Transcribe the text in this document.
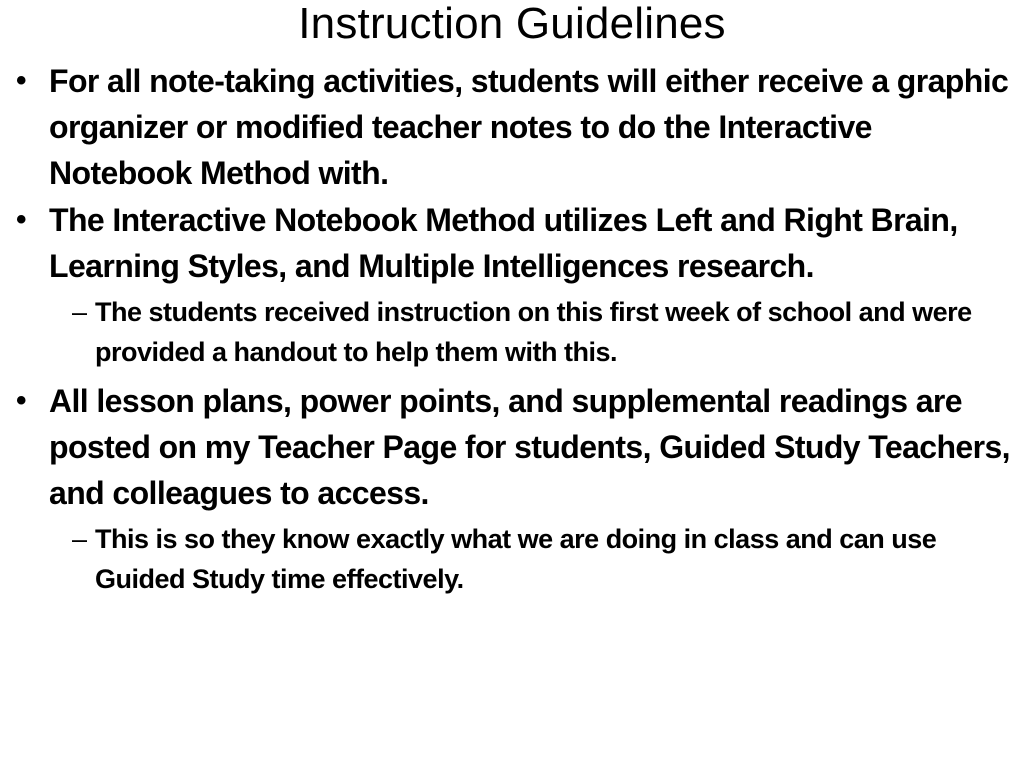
Instruction Guidelines
• For all note-taking activities, students will either receive a graphic organizer or modified teacher notes to do the Interactive Notebook Method with.
• The Interactive Notebook Method utilizes Left and Right Brain, Learning Styles, and Multiple Intelligences research.
– The students received instruction on this first week of school and were provided a handout to help them with this.
• All lesson plans, power points, and supplemental readings are posted on my Teacher Page for students, Guided Study Teachers, and colleagues to access.
– This is so they know exactly what we are doing in class and can use Guided Study time effectively.
